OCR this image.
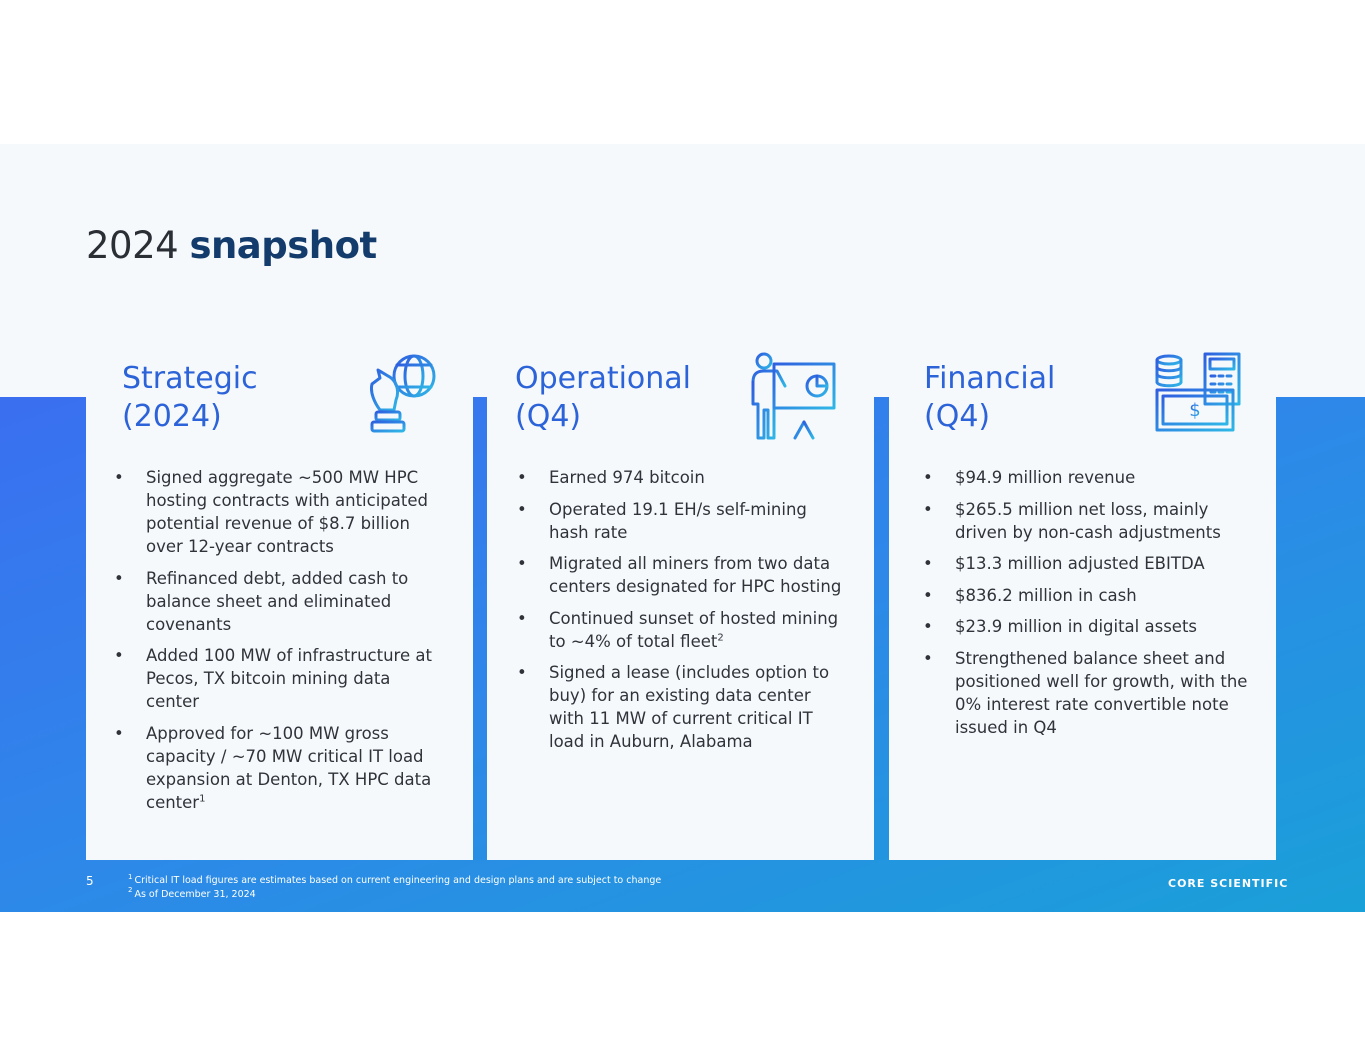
2024 snapshot
Strategic
(2024)
• Signed aggregate ~500 MW HPC hosting contracts with anticipated potential revenue of $8.7 billion over 12-year contracts
• Refinanced debt, added cash to balance sheet and eliminated covenants
• Added 100 MW of infrastructure at Pecos, TX bitcoin mining data center
• Approved for ~100 MW gross capacity / ~70 MW critical IT load expansion at Denton, TX HPC data center$^1$
Operational
(Q4)
• Earned 974 bitcoin
• Operated 19.1 EH/s self-mining hash rate
• Migrated all miners from two data centers designated for HPC hosting
• Continued sunset of hosted mining to ~4% of total fleet$^2$
• Signed a lease (includes option to buy) for an existing data center with 11 MW of current critical IT load in Auburn, Alabama
Financial
(Q4)	$
• $94.9 million revenue
• $265.5 million net loss, mainly driven by non-cash adjustments
• $13.3 million adjusted EBITDA
• $836.2 million in cash
• $23.9 million in digital assets
• Strengthened balance sheet and positioned well for growth, with the 0% interest rate convertible note issued in Q4
5	$^1$ Critical IT load figures are estimates based on current engineering and design plans and are subject to change
$^2$ As of December 31, 2024
CORE SCIENTIFIC
